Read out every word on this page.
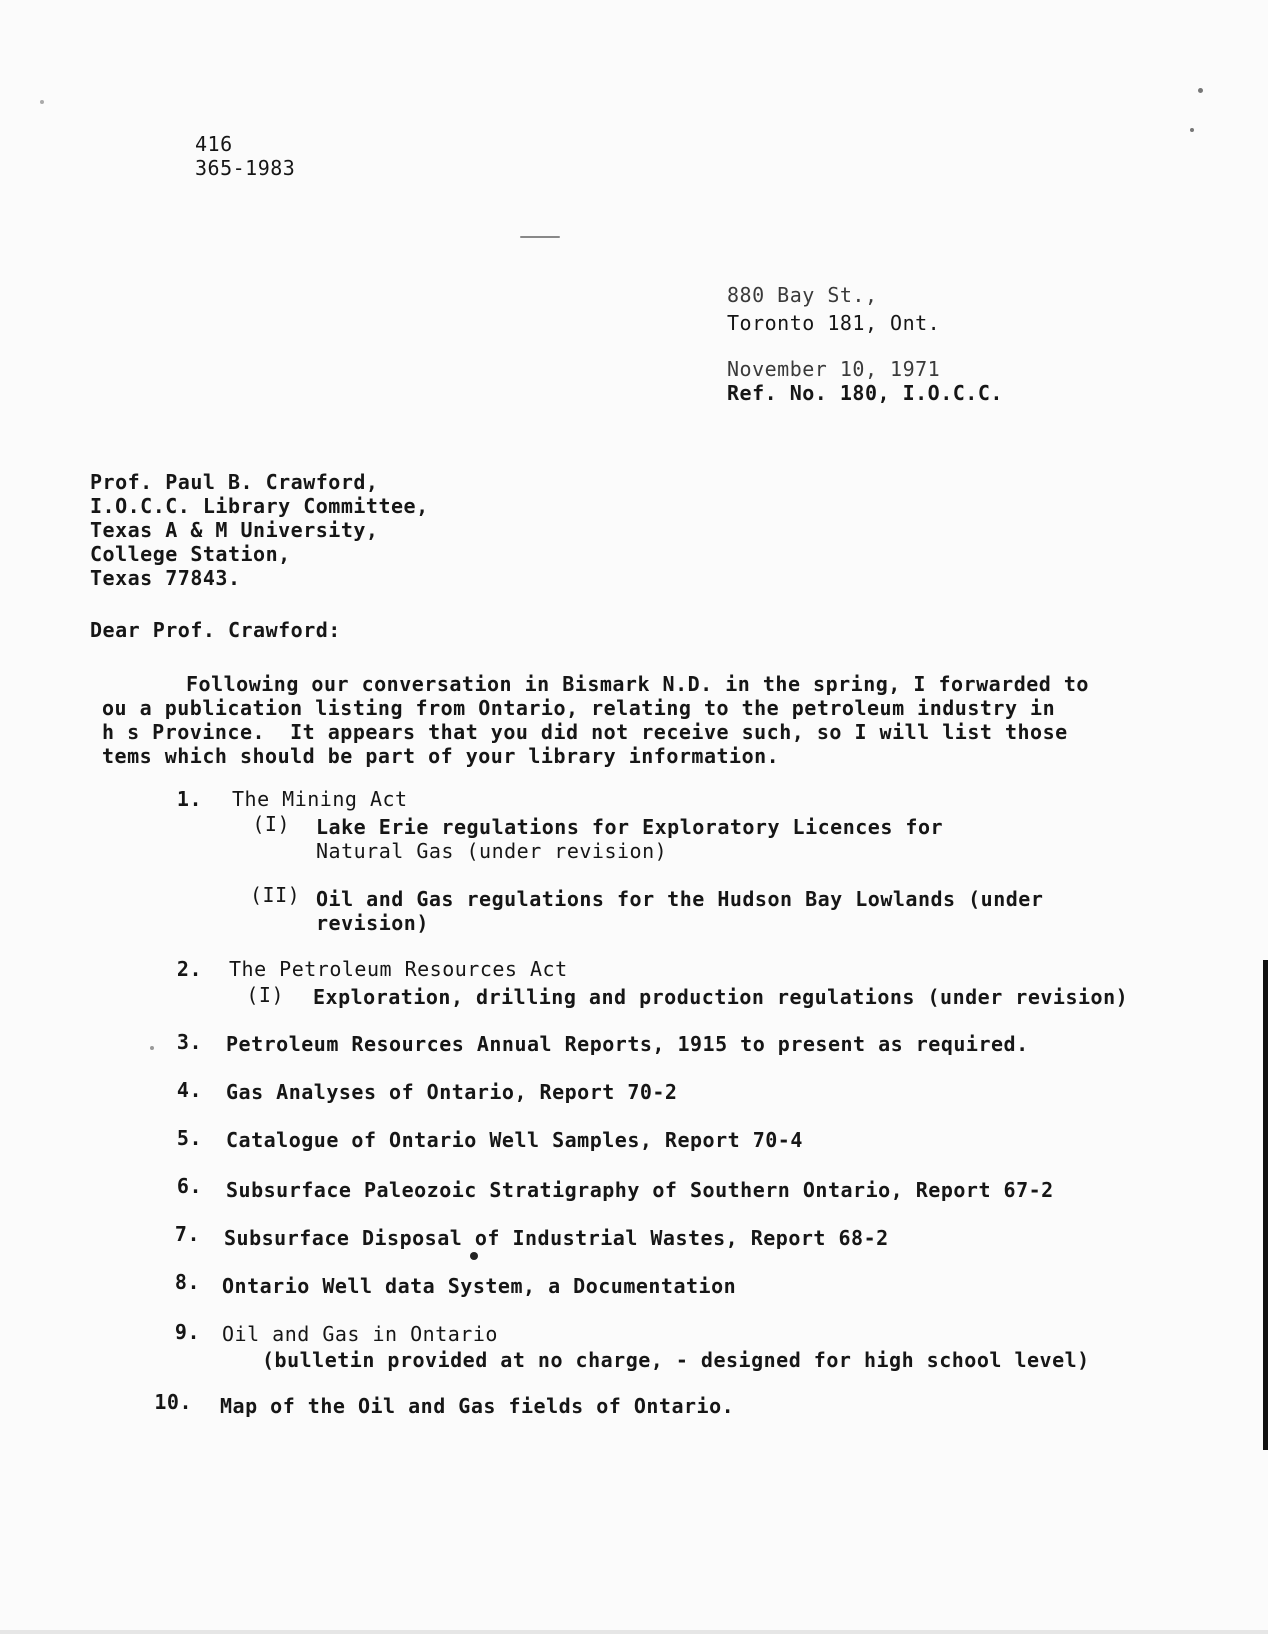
416
365-1983
880 Bay St.,
Toronto 181, Ont.
November 10, 1971
Ref. No. 180, I.O.C.C.
Prof. Paul B. Crawford,
I.O.C.C. Library Committee,
Texas A & M University,
College Station,
Texas 77843.
Dear Prof. Crawford:
Following our conversation in Bismark N.D. in the spring, I forwarded to
ou a publication listing from Ontario, relating to the petroleum industry in
h s Province.  It appears that you did not receive such, so I will list those
tems which should be part of your library information.
1. The Mining Act
(I) Lake Erie regulations for Exploratory Licences for
Natural Gas (under revision)
(II) Oil and Gas regulations for the Hudson Bay Lowlands (under
revision)
2. The Petroleum Resources Act
(I) Exploration, drilling and production regulations (under revision)
3. Petroleum Resources Annual Reports, 1915 to present as required.
4. Gas Analyses of Ontario, Report 70-2
5. Catalogue of Ontario Well Samples, Report 70-4
6. Subsurface Paleozoic Stratigraphy of Southern Ontario, Report 67-2
7. Subsurface Disposal of Industrial Wastes, Report 68-2
8. Ontario Well data System, a Documentation
9. Oil and Gas in Ontario
(bulletin provided at no charge, - designed for high school level)
10. Map of the Oil and Gas fields of Ontario.
